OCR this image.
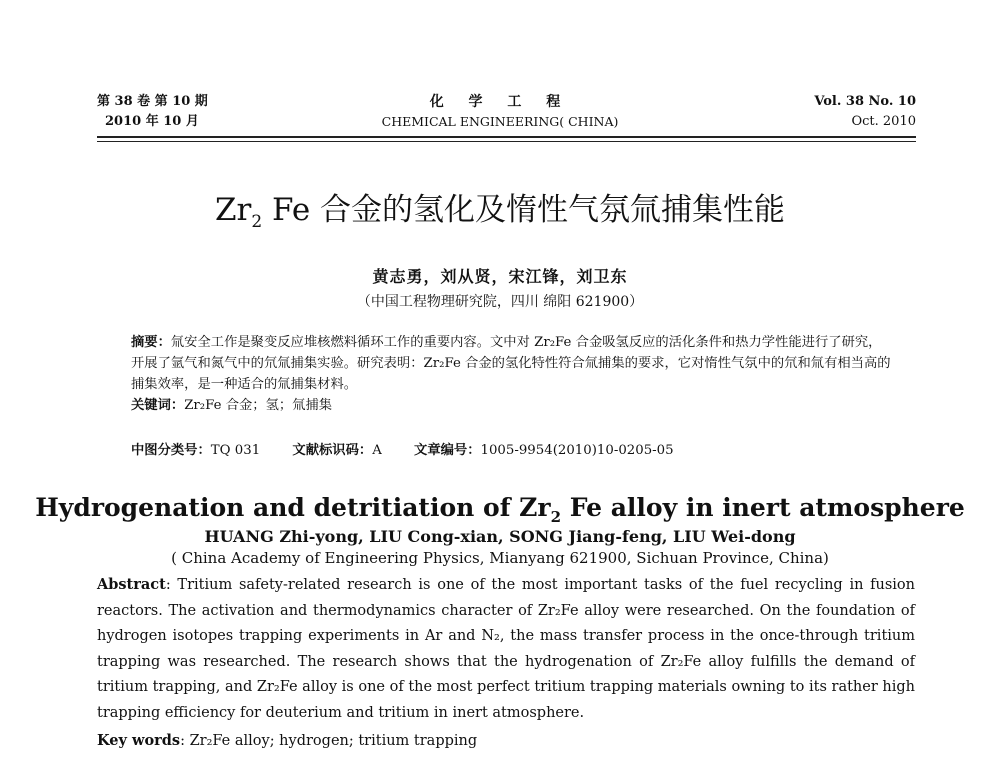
第 38 卷 第 10 期
2010 年 10 月
化 学 工 程
CHEMICAL ENGINEERING( CHINA)
Vol. 38 No. 10
Oct. 2010
$Zr_2$ Fe 合金的氢化及惰性气氛氚捕集性能
黄志勇，刘从贤，宋江锋，刘卫东
（中国工程物理研究院，四川 绵阳 621900）
摘要：氚安全工作是聚变反应堆核燃料循环工作的重要内容。文中对 Zr₂Fe 合金吸氢反应的活化条件和热力学性能进行了研究，开展了氩气和氮气中的氘氚捕集实验。研究表明：Zr₂Fe 合金的氢化特性符合氚捕集的要求，它对惰性气氛中的氘和氚有相当高的捕集效率，是一种适合的氚捕集材料。
关键词：Zr₂Fe 合金；氢；氚捕集
中图分类号：TQ 031 文献标识码：A 文章编号：1005-9954(2010)10-0205-05
Hydrogenation and detritiation of $Zr_2$ Fe alloy in inert atmosphere
HUANG Zhi-yong, LIU Cong-xian, SONG Jiang-feng, LIU Wei-dong
( China Academy of Engineering Physics, Mianyang 621900, Sichuan Province, China)
Abstract: Tritium safety-related research is one of the most important tasks of the fuel recycling in fusion reactors. The activation and thermodynamics character of Zr₂Fe alloy were researched. On the foundation of hydrogen isotopes trapping experiments in Ar and N₂, the mass transfer process in the once-through tritium trapping was researched. The research shows that the hydrogenation of Zr₂Fe alloy fulfills the demand of tritium trapping, and Zr₂Fe alloy is one of the most perfect tritium trapping materials owning to its rather high trapping efficiency for deuterium and tritium in inert atmosphere.
Key words: Zr₂Fe alloy; hydrogen; tritium trapping
